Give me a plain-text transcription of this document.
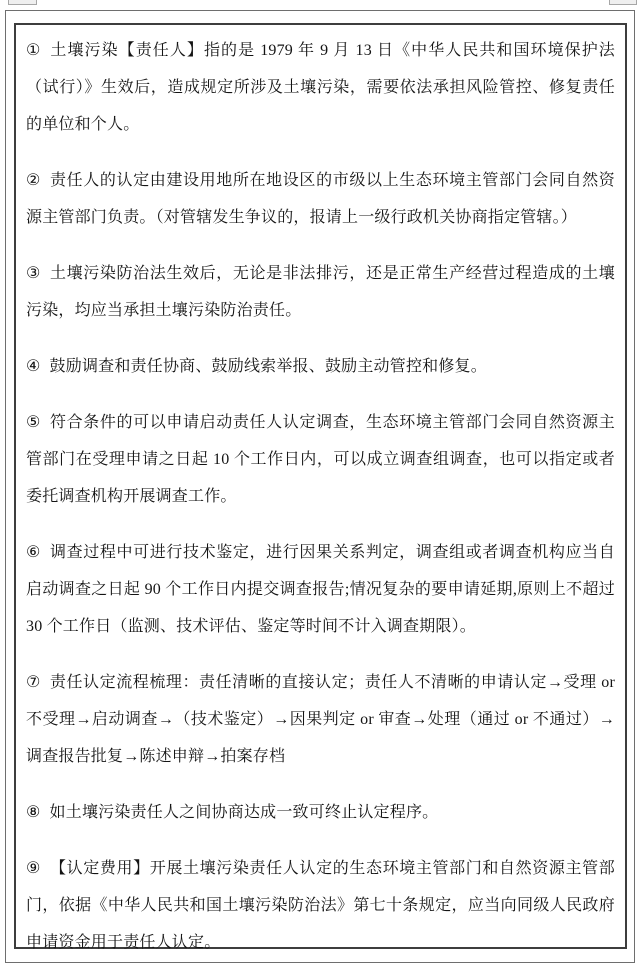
① 土壤污染【责任人】指的是 1979 年 9 月 13 日《中华人民共和国环境保护法（试行）》生效后，造成规定所涉及土壤污染，需要依法承担风险管控、修复责任的单位和个人。

② 责任人的认定由建设用地所在地设区的市级以上生态环境主管部门会同自然资源主管部门负责。（对管辖发生争议的，报请上一级行政机关协商指定管辖。）

③ 土壤污染防治法生效后，无论是非法排污，还是正常生产经营过程造成的土壤污染，均应当承担土壤污染防治责任。

④ 鼓励调查和责任协商、鼓励线索举报、鼓励主动管控和修复。

⑤ 符合条件的可以申请启动责任人认定调查，生态环境主管部门会同自然资源主管部门在受理申请之日起 10 个工作日内，可以成立调查组调查，也可以指定或者委托调查机构开展调查工作。

⑥ 调查过程中可进行技术鉴定，进行因果关系判定，调查组或者调查机构应当自启动调查之日起 90 个工作日内提交调查报告;情况复杂的要申请延期,原则上不超过 30 个工作日（监测、技术评估、鉴定等时间不计入调查期限）。

⑦ 责任认定流程梳理：责任清晰的直接认定；责任人不清晰的申请认定→受理 or 不受理→启动调查→（技术鉴定）→因果判定 or 审查→处理（通过 or 不通过）→调查报告批复→陈述申辩→拍案存档

⑧ 如土壤污染责任人之间协商达成一致可终止认定程序。

⑨ 【认定费用】开展土壤污染责任人认定的生态环境主管部门和自然资源主管部门，依据《中华人民共和国土壤污染防治法》第七十条规定，应当向同级人民政府申请资金用于责任人认定。
